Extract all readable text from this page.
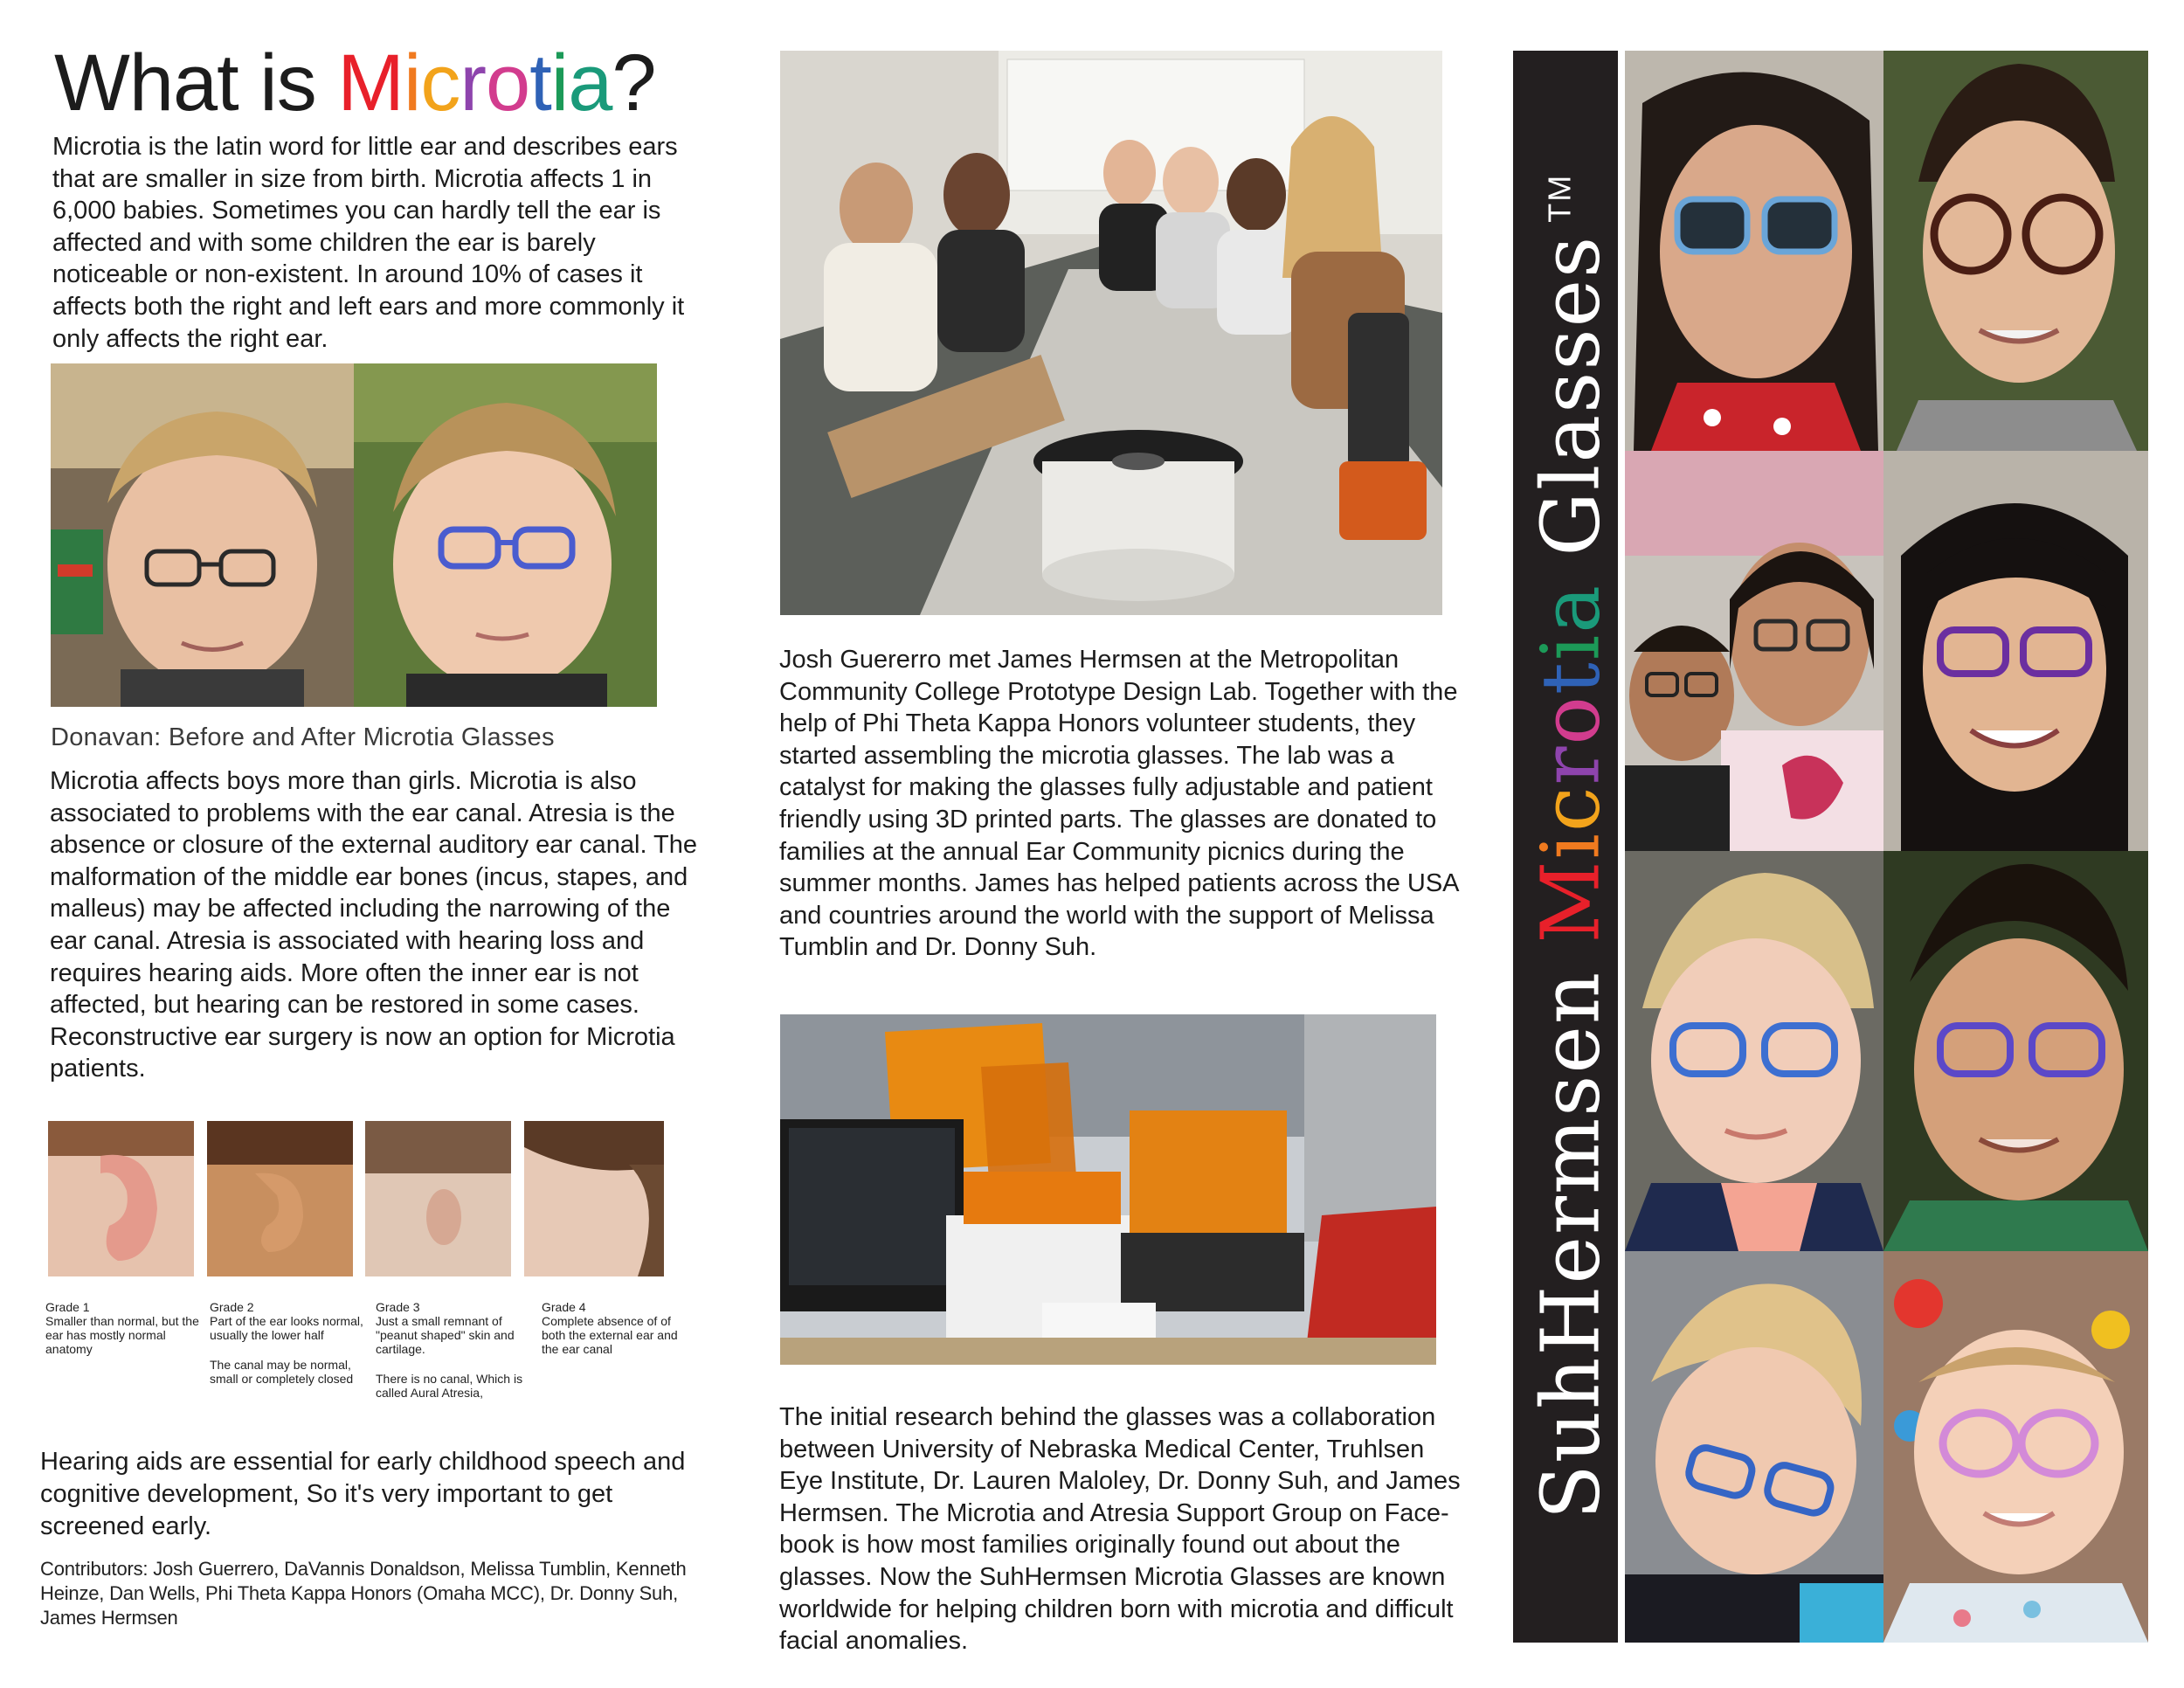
What is Microtia?
Microtia is the latin word for little ear and describes ears that are smaller in size from birth. Microtia affects 1 in 6,000 babies. Sometimes you can hardly tell the ear is affected and with some children the ear is barely noticeable or non-existent. In around 10% of cases it affects both the right and left ears and more commonly it only affects the right ear.
Donavan: Before and After Microtia Glasses
Microtia affects boys more than girls. Microtia is also associated to problems with the ear canal. Atresia is the absence or closure of the external auditory ear canal. The malformation of the middle ear bones (incus, stapes, and malleus) may be affected including the narrowing of the ear canal. Atresia is associated with hearing loss and requires hearing aids. More often the inner ear is not affected, but hearing can be restored in some cases. Reconstructive ear surgery is now an option for Microtia patients.
Grade 1
Smaller than normal, but the ear has mostly normal anatomy
Grade 2
Part of the ear looks normal, usually the lower half
The canal may be normal, small or completely closed
Grade 3
Just a small remnant of "peanut shaped" skin and cartilage.
There is no canal, Which is called Aural Atresia,
Grade 4
Complete absence of of both the external ear and the ear canal
Hearing aids are essential for early childhood speech and cognitive development, So it's very important to get screened early.
Contributors: Josh Guerrero, DaVannis Donaldson, Melissa Tumblin, Kenneth Heinze, Dan Wells, Phi Theta Kappa Honors (Omaha MCC), Dr. Donny Suh, James Hermsen
Josh Guererro met James Hermsen at the Metropolitan Community College Prototype Design Lab. Together with the help of Phi Theta Kappa Honors volunteer students, they started assembling the microtia glasses. The lab was a catalyst for making the glasses fully adjustable and patient friendly using 3D printed parts. The glasses are donated to families at the annual Ear Community picnics during the summer months. James has helped patients across the USA and countries around the world with the support of Melissa Tumblin and Dr. Donny Suh.
The initial research behind the glasses was a collaboration between University of Nebraska Medical Center, Truhlsen Eye Institute, Dr. Lauren Maloley, Dr. Donny Suh, and James Hermsen. The Microtia and Atresia Support Group on Face-book is how most families originally found out about the glasses. Now the SuhHermsen Microtia Glasses are known worldwide for helping children born with microtia and difficult facial anomalies.
SuhHermsen Microtia Glasses™
